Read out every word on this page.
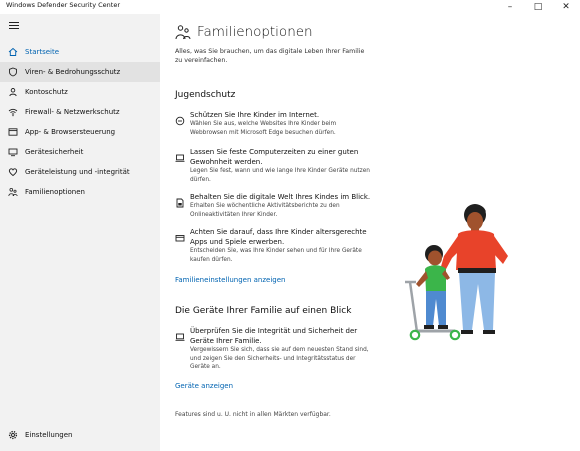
Windows Defender Security Center	–	□	✕
Startseite
Viren- & Bedrohungsschutz
Kontoschutz
Firewall- & Netzwerkschutz
App- & Browsersteuerung
Gerätesicherheit
Geräteleistung und -integrität
Familienoptionen
Einstellungen
Familienoptionen
Alles, was Sie brauchen, um das digitale Leben Ihrer Familie zu vereinfachen.
Jugendschutz
Schützen Sie Ihre Kinder im Internet.
Wählen Sie aus, welche Websites Ihre Kinder beim Webbrowsen mit Microsoft Edge besuchen dürfen.
Lassen Sie feste Computerzeiten zu einer guten Gewohnheit werden.
Legen Sie fest, wann und wie lange Ihre Kinder Geräte nutzen dürfen.
Behalten Sie die digitale Welt Ihres Kindes im Blick.
Erhalten Sie wöchentliche Aktivitätsberichte zu den Onlineaktivitäten Ihrer Kinder.
Achten Sie darauf, dass Ihre Kinder altersgerechte Apps und Spiele erwerben.
Entscheiden Sie, was Ihre Kinder sehen und für Ihre Geräte kaufen dürfen.
Familieneinstellungen anzeigen
Die Geräte Ihrer Familie auf einen Blick
Überprüfen Sie die Integrität und Sicherheit der Geräte Ihrer Familie.
Vergewissern Sie sich, dass sie auf dem neuesten Stand sind, und zeigen Sie den Sicherheits- und Integritätsstatus der Geräte an.
Geräte anzeigen
Features sind u. U. nicht in allen Märkten verfügbar.
